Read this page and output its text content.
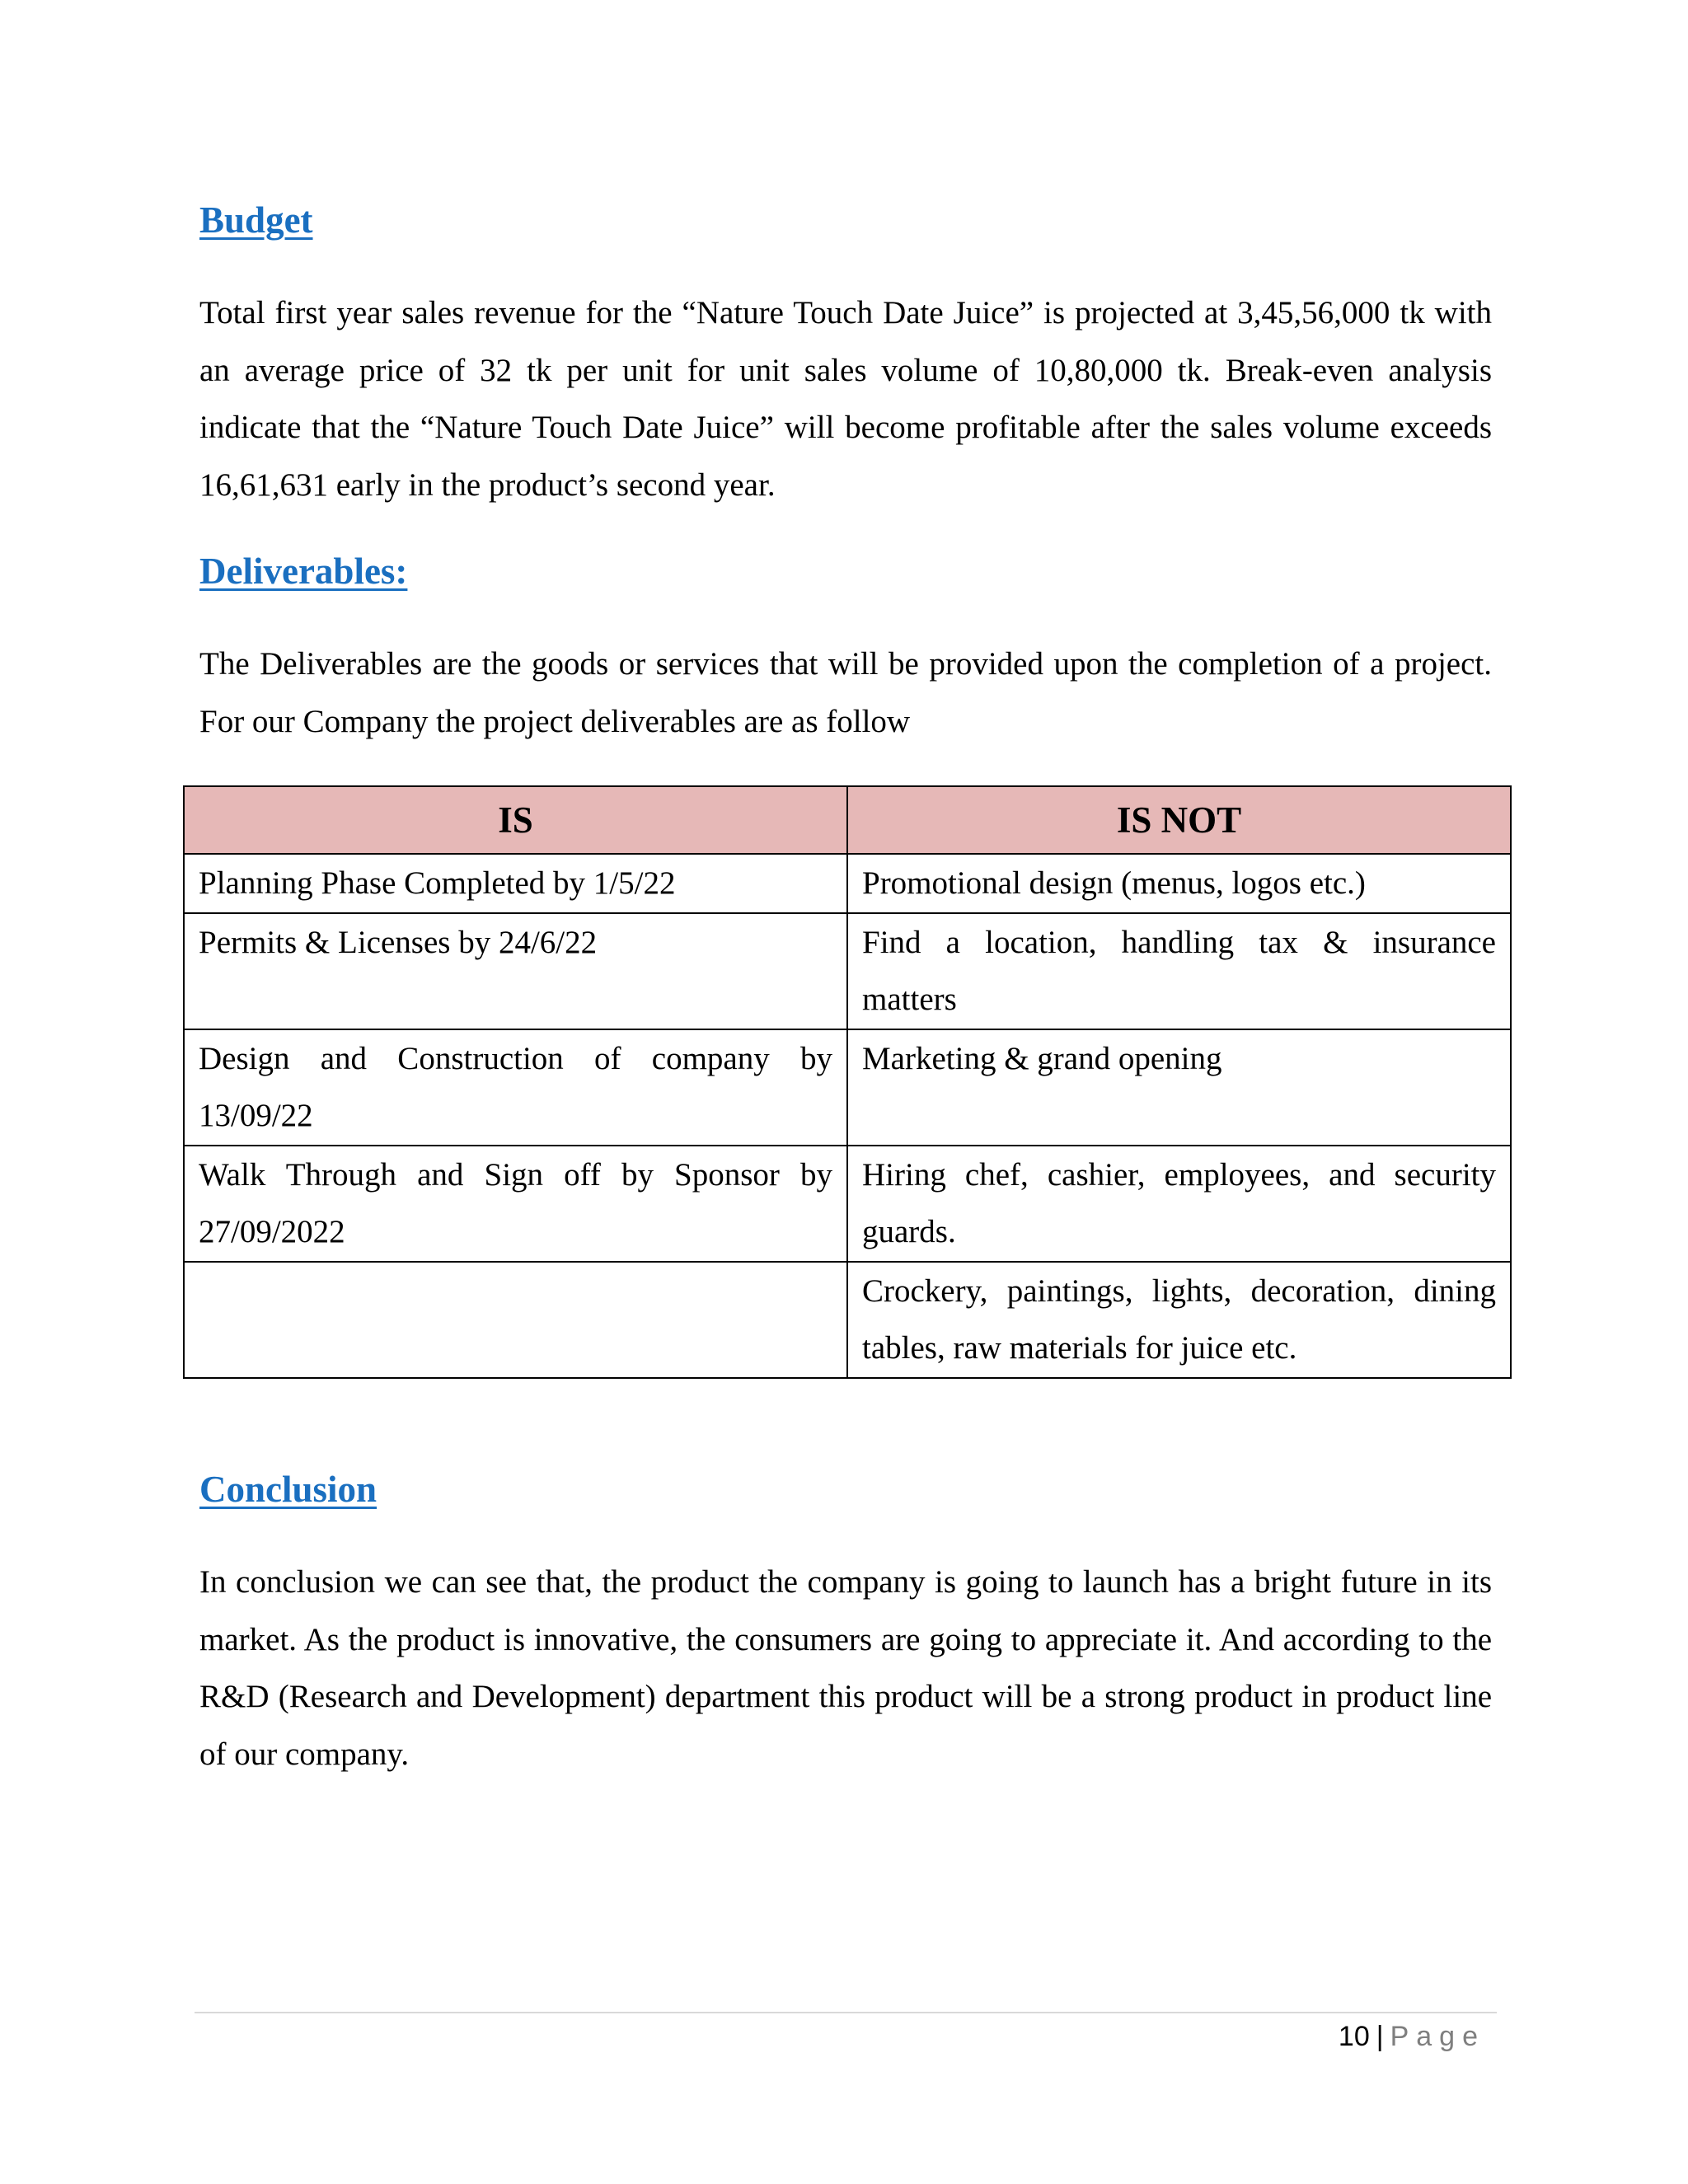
Budget

Total first year sales revenue for the “Nature Touch Date Juice” is projected at 3,45,56,000 tk with an average price of 32 tk per unit for unit sales volume of 10,80,000 tk. Break-even analysis indicate that the “Nature Touch Date Juice” will become profitable after the sales volume exceeds 16,61,631 early in the product’s second year.

Deliverables:

The Deliverables are the goods or services that will be provided upon the completion of a project. For our Company the project deliverables are as follow

IS	IS NOT
Planning Phase Completed by 1/5/22	Promotional design (menus, logos etc.)
Permits & Licenses by 24/6/22	Find a location, handling tax & insurance matters
Design and Construction of company by 13/09/22	Marketing & grand opening
Walk Through and Sign off by Sponsor by 27/09/2022	Hiring chef, cashier, employees, and security guards.
	Crockery, paintings, lights, decoration, dining tables, raw materials for juice etc.
Conclusion

In conclusion we can see that, the product the company is going to launch has a bright future in its market. As the product is innovative, the consumers are going to appreciate it. And according to the R&D (Research and Development) department this product will be a strong product in product line of our company.

10 | Page
